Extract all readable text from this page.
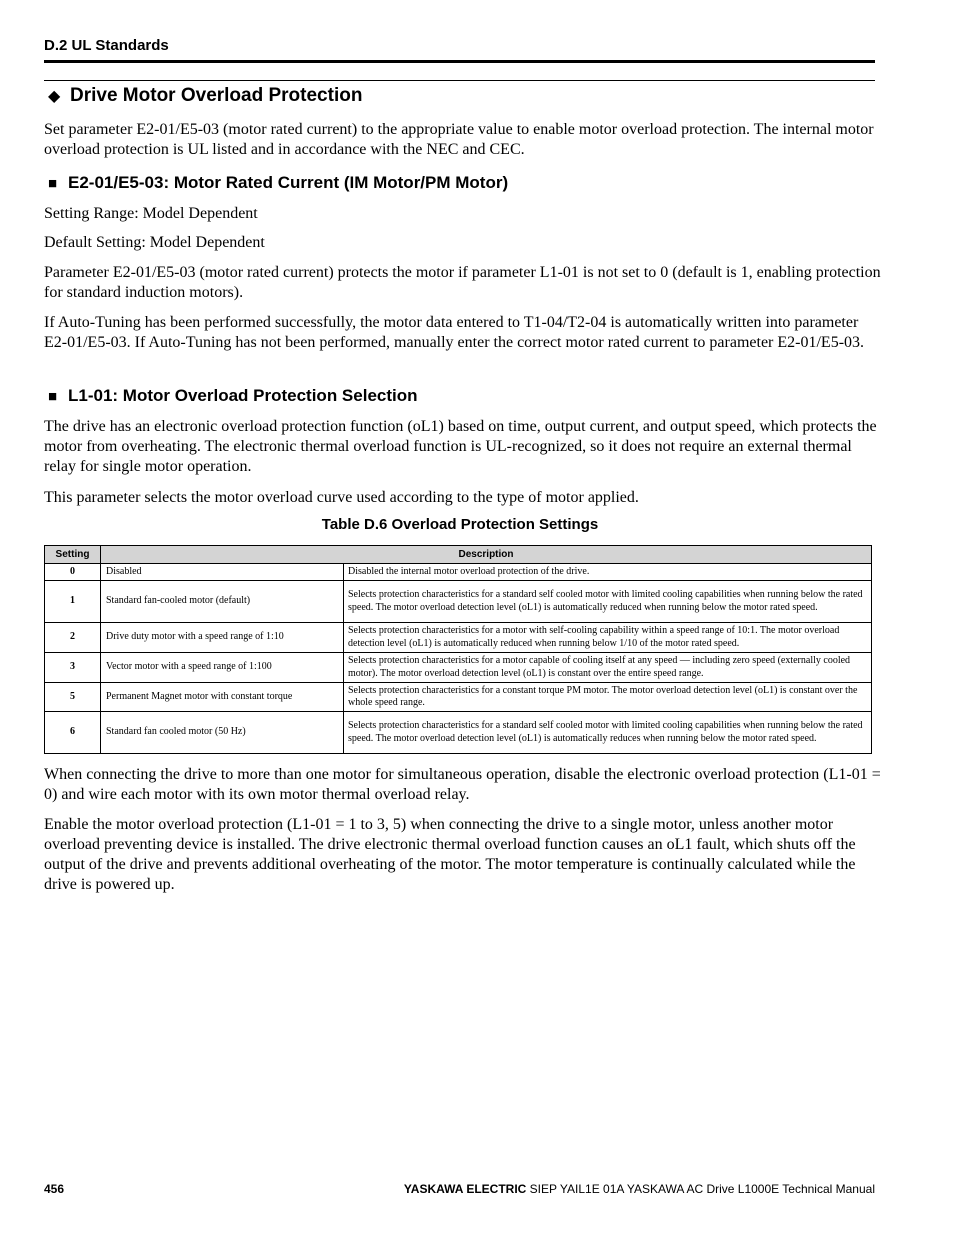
D.2 UL Standards
◆ Drive Motor Overload Protection

Set parameter E2-01/E5-03 (motor rated current) to the appropriate value to enable motor overload protection. The internal motor overload protection is UL listed and in accordance with the NEC and CEC.

■ E2-01/E5-03: Motor Rated Current (IM Motor/PM Motor)

Setting Range: Model Dependent

Default Setting: Model Dependent

Parameter E2-01/E5-03 (motor rated current) protects the motor if parameter L1-01 is not set to 0 (default is 1, enabling protection for standard induction motors).

If Auto-Tuning has been performed successfully, the motor data entered to T1-04/T2-04 is automatically written into parameter E2-01/E5-03. If Auto-Tuning has not been performed, manually enter the correct motor rated current to parameter E2-01/E5-03.

■ L1-01: Motor Overload Protection Selection

The drive has an electronic overload protection function (oL1) based on time, output current, and output speed, which protects the motor from overheating. The electronic thermal overload function is UL-recognized, so it does not require an external thermal relay for single motor operation.

This parameter selects the motor overload curve used according to the type of motor applied.

Table D.6 Overload Protection Settings
Setting	Description	
0	Disabled	Disabled the internal motor overload protection of the drive.
1	Standard fan-cooled motor (default)	Selects protection characteristics for a standard self cooled motor with limited cooling capabilities when running below the rated speed. The motor overload detection level (oL1) is automatically reduced when running below the motor rated speed.
2	Drive duty motor with a speed range of 1:10	Selects protection characteristics for a motor with self-cooling capability within a speed range of 10:1. The motor overload detection level (oL1) is automatically reduced when running below 1/10 of the motor rated speed.
3	Vector motor with a speed range of 1:100	Selects protection characteristics for a motor capable of cooling itself at any speed — including zero speed (externally cooled motor). The motor overload detection level (oL1) is constant over the entire speed range.
5	Permanent Magnet motor with constant torque	Selects protection characteristics for a constant torque PM motor. The motor overload detection level (oL1) is constant over the whole speed range.
6	Standard fan cooled motor (50 Hz)	Selects protection characteristics for a standard self cooled motor with limited cooling capabilities when running below the rated speed. The motor overload detection level (oL1) is automatically reduces when running below the motor rated speed.

When connecting the drive to more than one motor for simultaneous operation, disable the electronic overload protection (L1-01 = 0) and wire each motor with its own motor thermal overload relay.

Enable the motor overload protection (L1-01 = 1 to 3, 5) when connecting the drive to a single motor, unless another motor overload preventing device is installed. The drive electronic thermal overload function causes an oL1 fault, which shuts off the output of the drive and prevents additional overheating of the motor. The motor temperature is continually calculated while the drive is powered up.

456	YASKAWA ELECTRIC SIEP YAIL1E 01A YASKAWA AC Drive L1000E Technical Manual
